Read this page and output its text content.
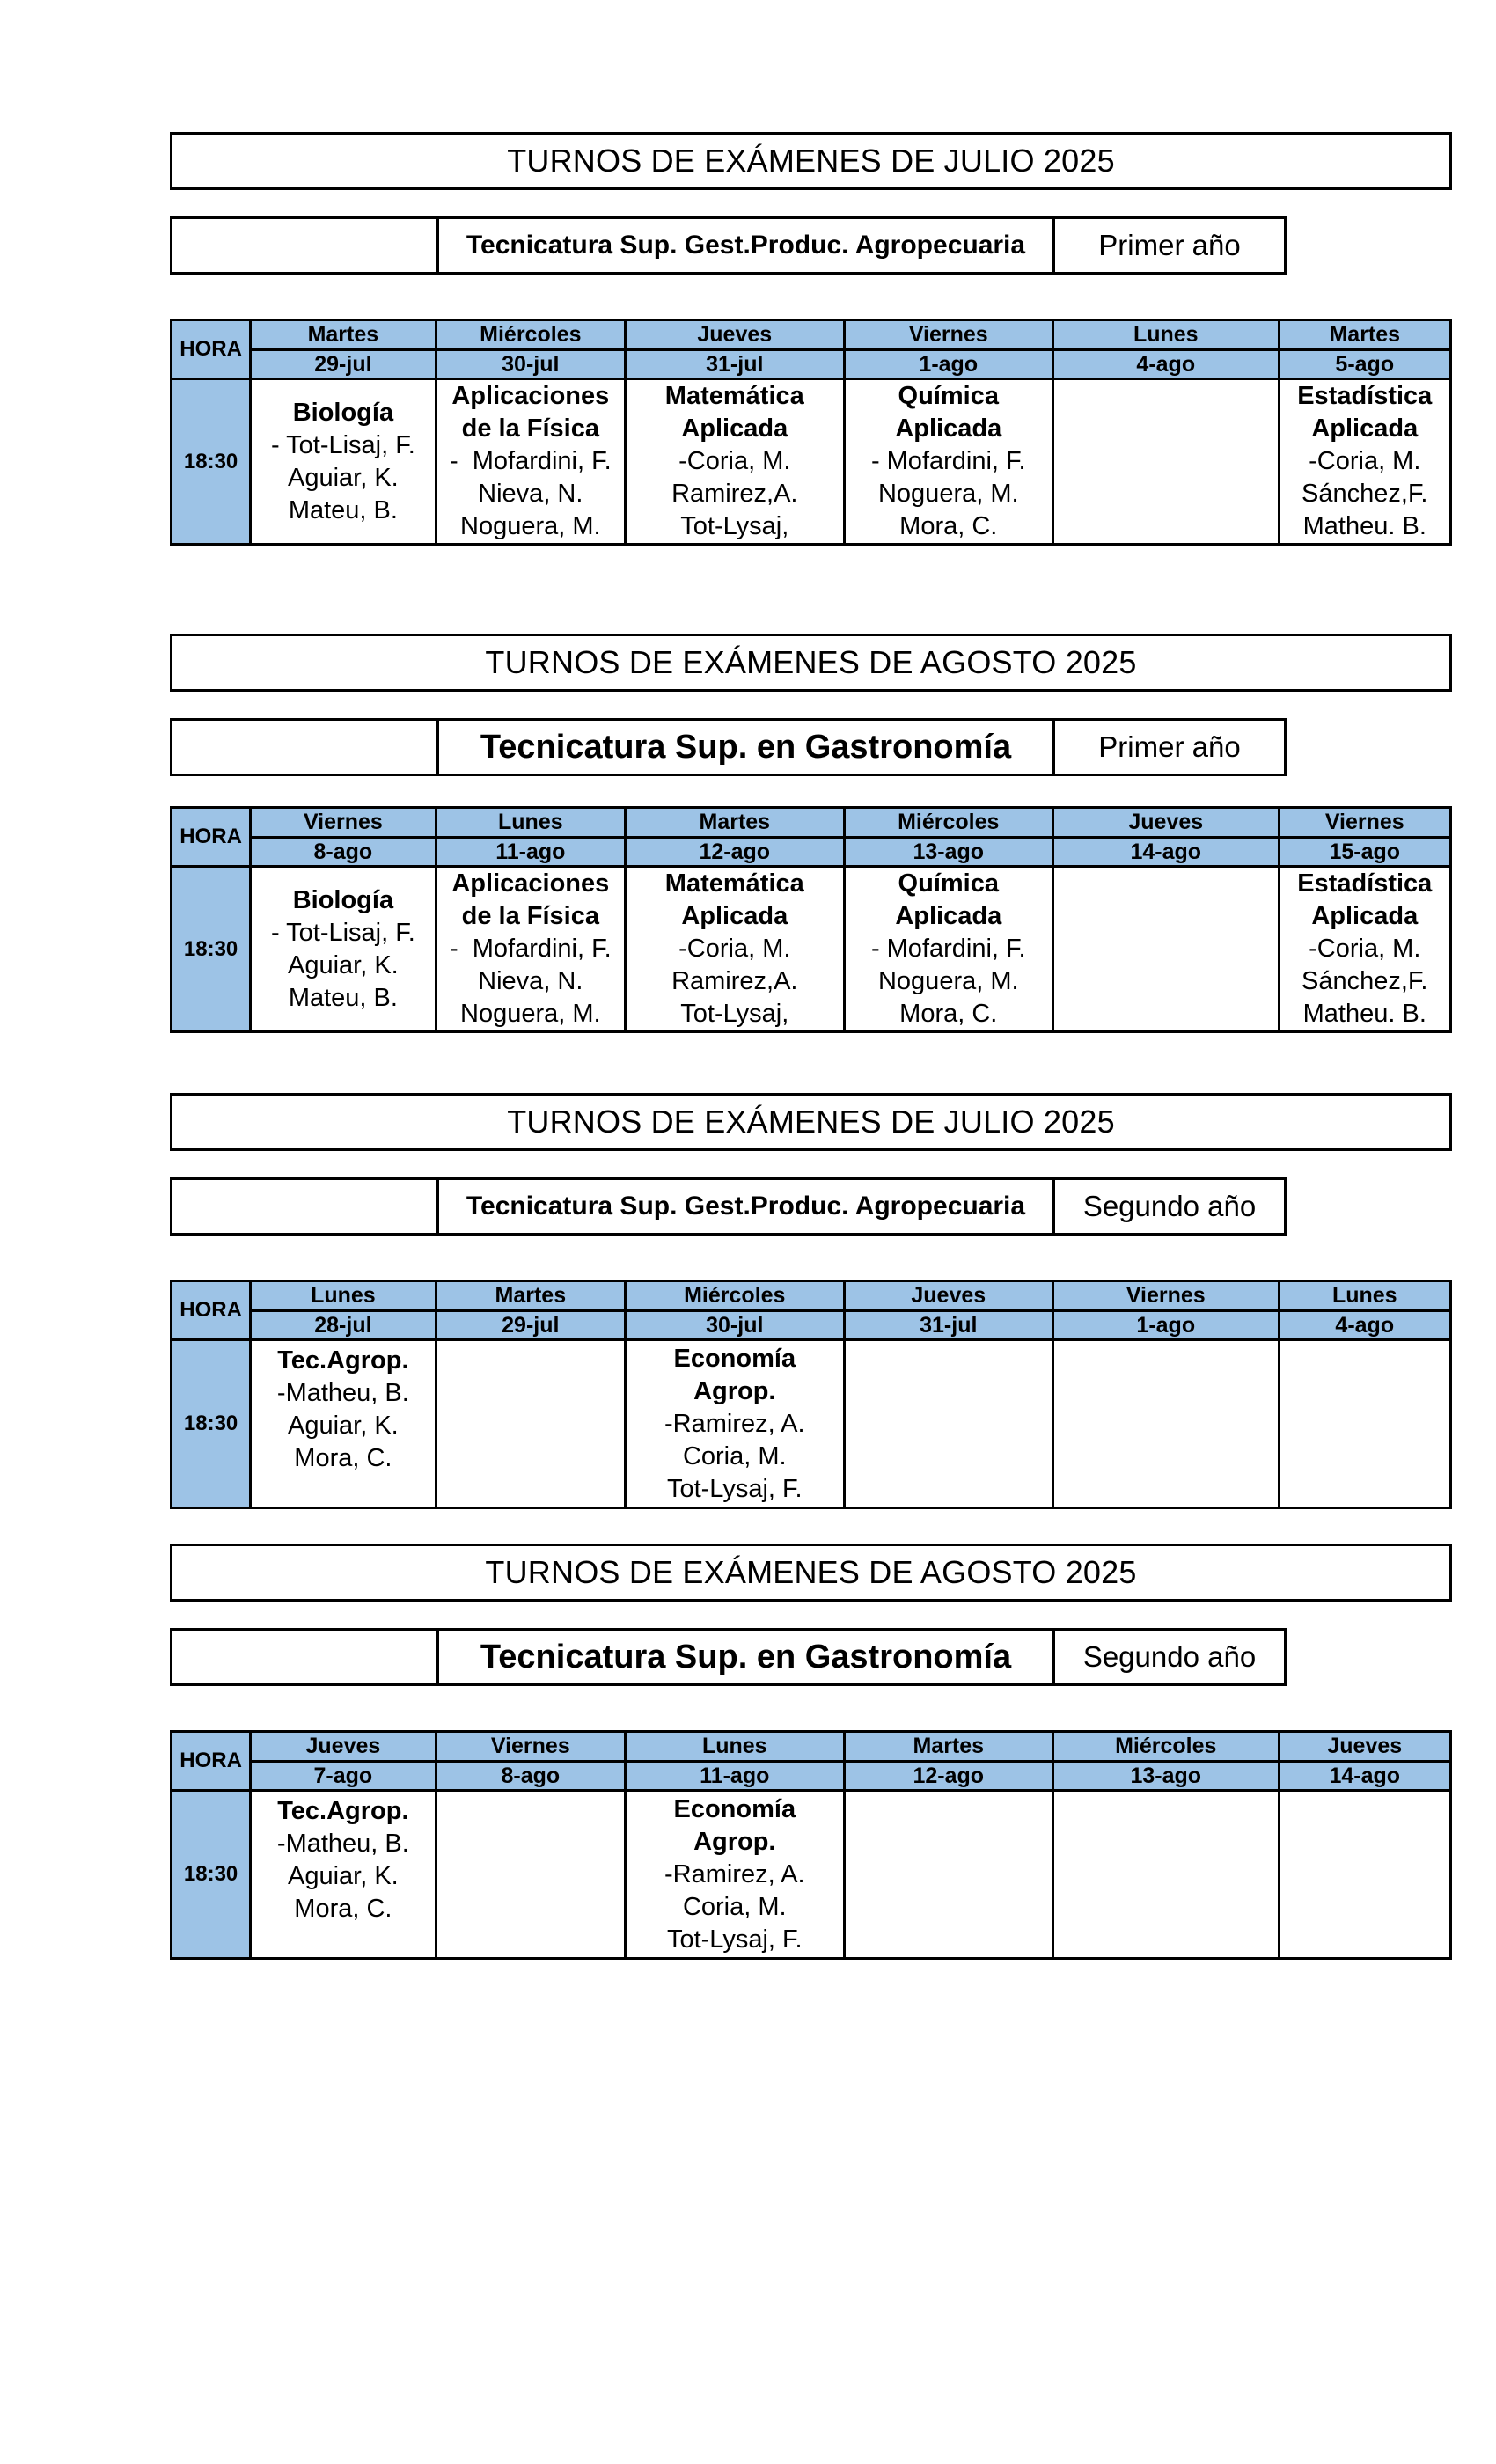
TURNOS DE EXÁMENES DE JULIO 2025
Tecnicatura Sup. Gest.Produc. Agropecuaria	Primer año
HORA	Martes	Miércoles	Jueves	Viernes	Lunes	Martes
	29-jul	30-jul	31-jul	1-ago	4-ago	5-ago
18:30	Biología
- Tot-Lisaj, F.
Aguiar, K.
Mateu, B.	Aplicaciones
de la Física
-  Mofardini, F.
Nieva, N.
Noguera, M.	Matemática
Aplicada
-Coria, M.
Ramirez,A.
Tot-Lysaj,	Química
Aplicada
- Mofardini, F.
Noguera, M.
Mora, C.		Estadística
Aplicada
-Coria, M.
Sánchez,F.
Matheu. B.
TURNOS DE EXÁMENES DE AGOSTO 2025
Tecnicatura Sup. en Gastronomía	Primer año
HORA	Viernes	Lunes	Martes	Miércoles	Jueves	Viernes
	8-ago	11-ago	12-ago	13-ago	14-ago	15-ago
18:30	Biología
- Tot-Lisaj, F.
Aguiar, K.
Mateu, B.	Aplicaciones
de la Física
-  Mofardini, F.
Nieva, N.
Noguera, M.	Matemática
Aplicada
-Coria, M.
Ramirez,A.
Tot-Lysaj,	Química
Aplicada
- Mofardini, F.
Noguera, M.
Mora, C.		Estadística
Aplicada
-Coria, M.
Sánchez,F.
Matheu. B.
TURNOS DE EXÁMENES DE JULIO 2025
Tecnicatura Sup. Gest.Produc. Agropecuaria	Segundo año
HORA	Lunes	Martes	Miércoles	Jueves	Viernes	Lunes
	28-jul	29-jul	30-jul	31-jul	1-ago	4-ago
18:30	Tec.Agrop.
-Matheu, B.
Aguiar, K.
Mora, C.		Economía
Agrop.
-Ramirez, A.
Coria, M.
Tot-Lysaj, F.			

TURNOS DE EXÁMENES DE AGOSTO 2025
Tecnicatura Sup. en Gastronomía	Segundo año
HORA	Jueves	Viernes	Lunes	Martes	Miércoles	Jueves
	7-ago	8-ago	11-ago	12-ago	13-ago	14-ago
18:30	Tec.Agrop.
-Matheu, B.
Aguiar, K.
Mora, C.		Economía
Agrop.
-Ramirez, A.
Coria, M.
Tot-Lysaj, F.			
